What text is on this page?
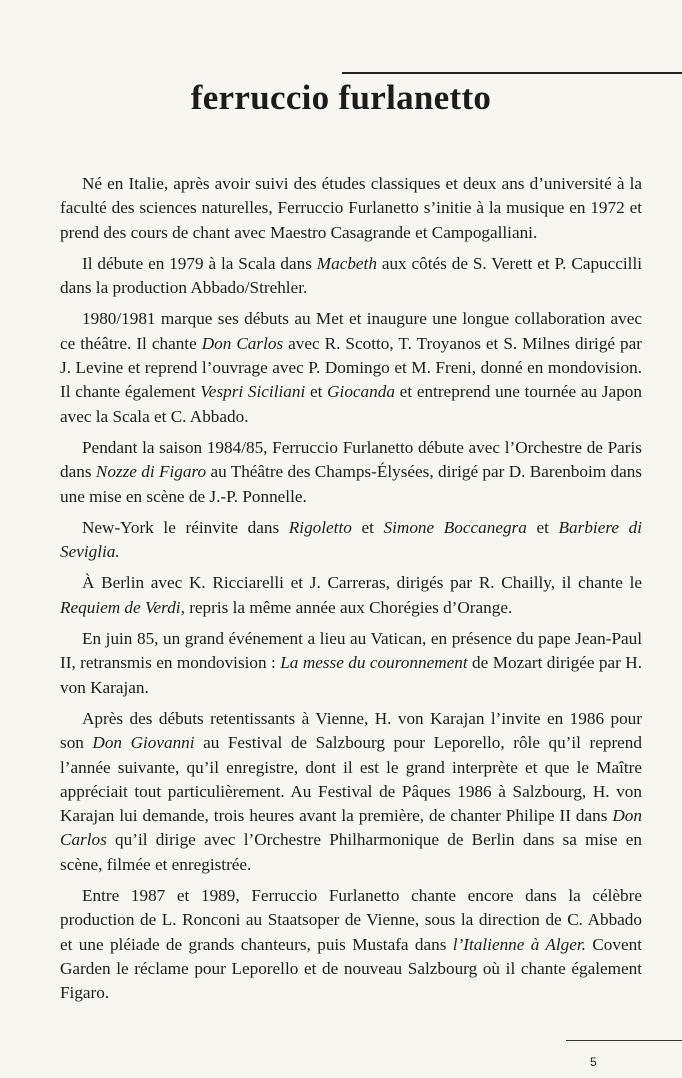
ferruccio furlanetto

Né en Italie, après avoir suivi des études classiques et deux ans d’université à la faculté des sciences naturelles, Ferruccio Furlanetto s’initie à la musique en 1972 et prend des cours de chant avec Maestro Casagrande et Campogalliani.

Il débute en 1979 à la Scala dans Macbeth aux côtés de S. Verett et P. Capuccilli dans la production Abbado/Strehler.

1980/1981 marque ses débuts au Met et inaugure une longue collaboration avec ce théâtre. Il chante Don Carlos avec R. Scotto, T. Troyanos et S. Milnes dirigé par J. Levine et reprend l’ouvrage avec P. Domingo et M. Freni, donné en mondovision. Il chante également Vespri Siciliani et Giocanda et entreprend une tournée au Japon avec la Scala et C. Abbado.

Pendant la saison 1984/85, Ferruccio Furlanetto débute avec l’Orchestre de Paris dans Nozze di Figaro au Théâtre des Champs-Élysées, dirigé par D. Barenboim dans une mise en scène de J.-P. Ponnelle.

New-York le réinvite dans Rigoletto et Simone Boccanegra et Barbiere di Seviglia.

À Berlin avec K. Ricciarelli et J. Carreras, dirigés par R. Chailly, il chante le Requiem de Verdi, repris la même année aux Chorégies d’Orange.

En juin 85, un grand événement a lieu au Vatican, en présence du pape Jean-Paul II, retransmis en mondovision : La messe du couronnement de Mozart dirigée par H. von Karajan.

Après des débuts retentissants à Vienne, H. von Karajan l’invite en 1986 pour son Don Giovanni au Festival de Salzbourg pour Leporello, rôle qu’il reprend l’année suivante, qu’il enregistre, dont il est le grand interprète et que le Maître appréciait tout particulièrement. Au Festival de Pâques 1986 à Salzbourg, H. von Karajan lui demande, trois heures avant la première, de chanter Philipe II dans Don Carlos qu’il dirige avec l’Orchestre Philharmonique de Berlin dans sa mise en scène, filmée et enregistrée.

Entre 1987 et 1989, Ferruccio Furlanetto chante encore dans la célèbre production de L. Ronconi au Staatsoper de Vienne, sous la direction de C. Abbado et une pléiade de grands chanteurs, puis Mustafa dans l’Italienne à Alger. Covent Garden le réclame pour Leporello et de nouveau Salzbourg où il chante également Figaro.

5
